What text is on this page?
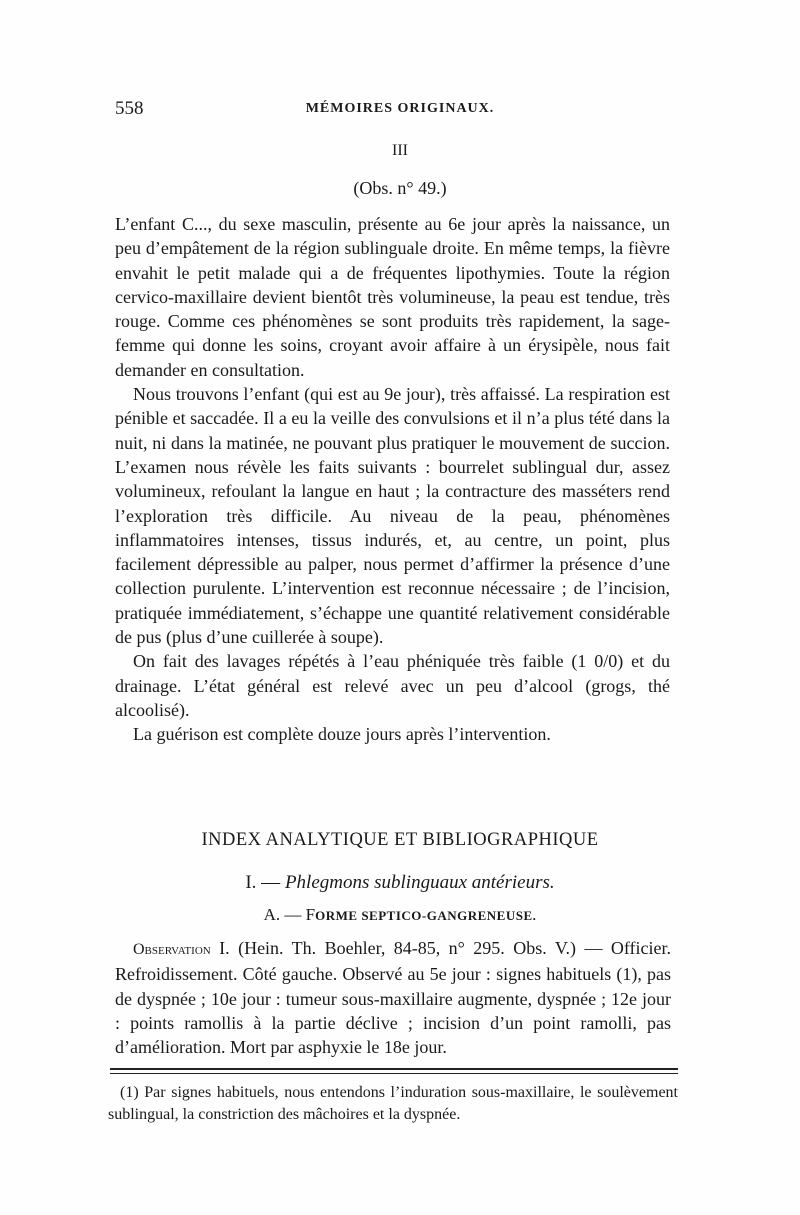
558	MÉMOIRES ORIGINAUX.
III
(Obs. n° 49.)

L’enfant C..., du sexe masculin, présente au 6e jour après la naissance, un peu d’empâtement de la région sublinguale droite. En même temps, la fièvre envahit le petit malade qui a de fréquentes lipothymies. Toute la région cervico-maxillaire devient bientôt très volumineuse, la peau est tendue, très rouge. Comme ces phénomènes se sont produits très rapidement, la sage-femme qui donne les soins, croyant avoir affaire à un érysipèle, nous fait demander en consultation.

Nous trouvons l’enfant (qui est au 9e jour), très affaissé. La respiration est pénible et saccadée. Il a eu la veille des convulsions et il n’a plus tété dans la nuit, ni dans la matinée, ne pouvant plus pratiquer le mouvement de succion. L’examen nous révèle les faits suivants : bourrelet sublingual dur, assez volumineux, refoulant la langue en haut ; la contracture des masséters rend l’exploration très difficile. Au niveau de la peau, phénomènes inflammatoires intenses, tissus indurés, et, au centre, un point, plus facilement dépressible au palper, nous permet d’affirmer la présence d’une collection purulente. L’intervention est reconnue nécessaire ; de l’incision, pratiquée immédiatement, s’échappe une quantité relativement considérable de pus (plus d’une cuillerée à soupe).

On fait des lavages répétés à l’eau phéniquée très faible (1 0/0) et du drainage. L’état général est relevé avec un peu d’alcool (grogs, thé alcoolisé).

La guérison est complète douze jours après l’intervention.

INDEX ANALYTIQUE ET BIBLIOGRAPHIQUE
I. — Phlegmons sublinguaux antérieurs.
A. — FORME SEPTICO-GANGRENEUSE.

Observation I. (Hein. Th. Boehler, 84-85, n° 295. Obs. V.) — Officier. Refroidissement. Côté gauche. Observé au 5e jour : signes habituels (1), pas de dyspnée ; 10e jour : tumeur sous-maxillaire augmente, dyspnée ; 12e jour : points ramollis à la partie déclive ; incision d’un point ramolli, pas d’amélioration. Mort par asphyxie le 18e jour.

(1) Par signes habituels, nous entendons l’induration sous-maxillaire, le soulèvement sublingual, la constriction des mâchoires et la dyspnée.
